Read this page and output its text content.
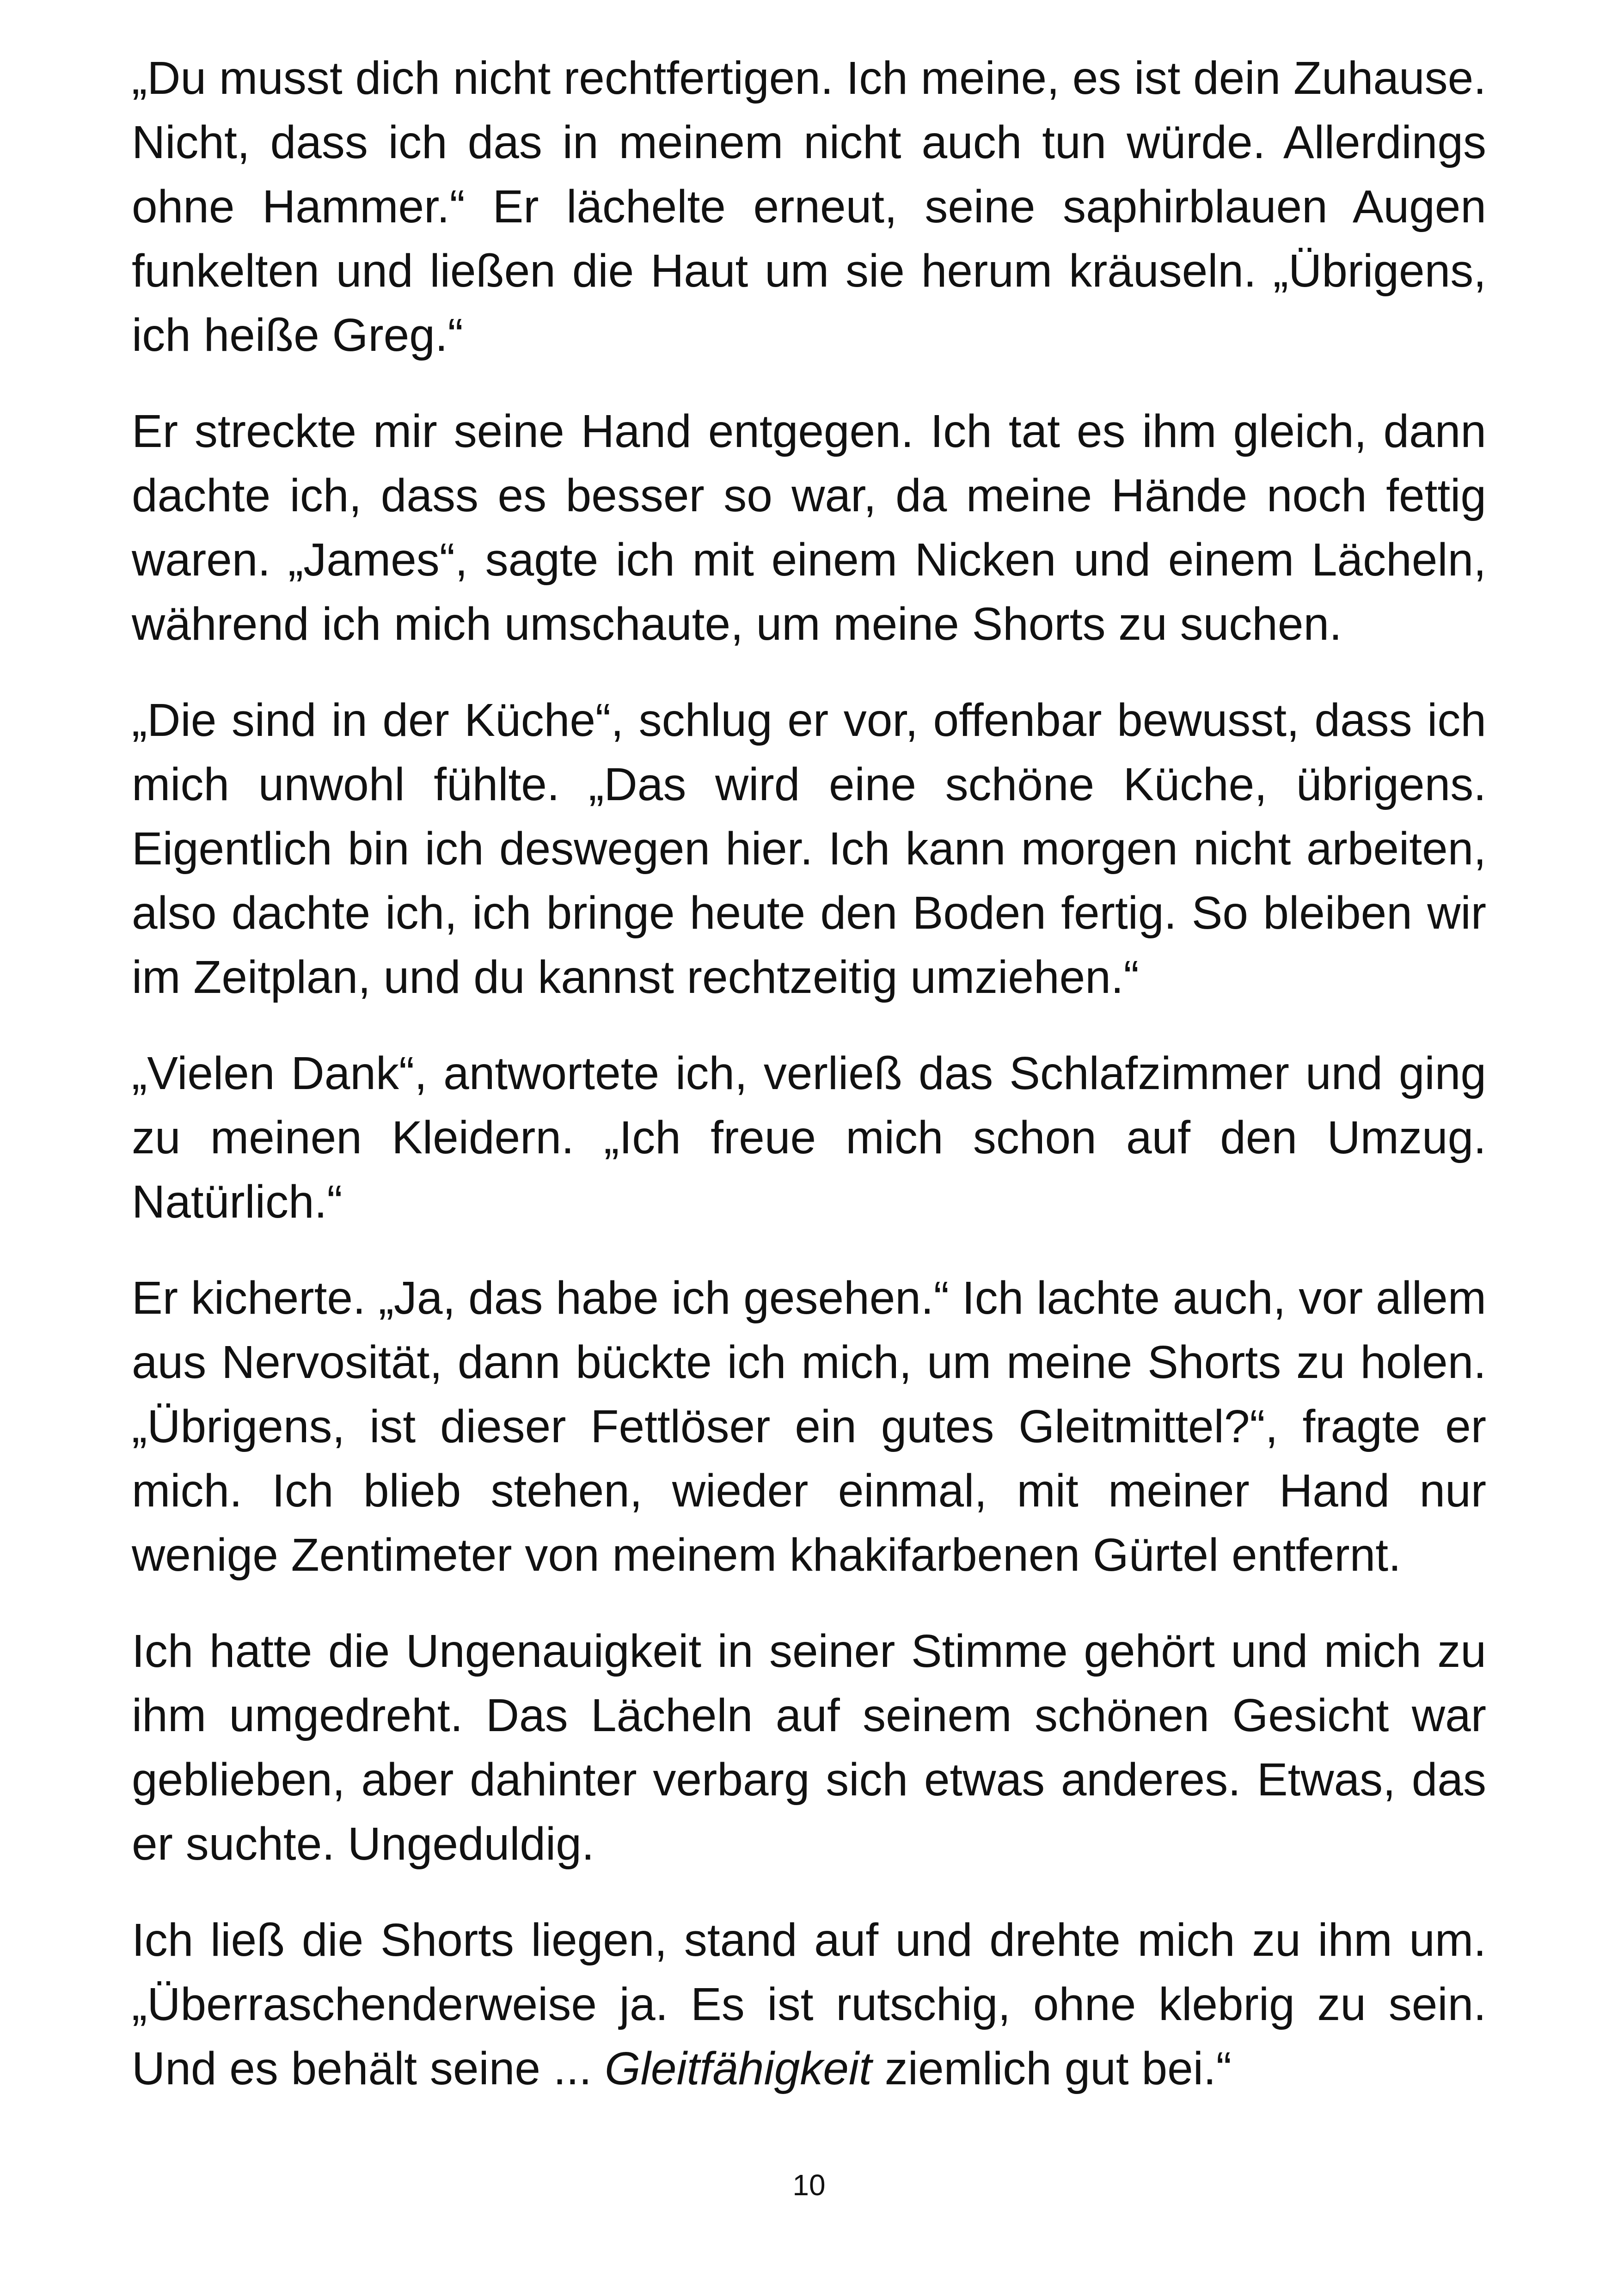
„Du musst dich nicht rechtfertigen. Ich meine, es ist dein Zuhause. Nicht, dass ich das in meinem nicht auch tun würde. Allerdings ohne Hammer.“ Er lächelte erneut, seine saphirblauen Augen funkelten und ließen die Haut um sie herum kräuseln. „Übrigens, ich heiße Greg.“

Er streckte mir seine Hand entgegen. Ich tat es ihm gleich, dann dachte ich, dass es besser so war, da meine Hände noch fettig waren. „James“, sagte ich mit einem Nicken und einem Lächeln, während ich mich umschaute, um meine Shorts zu suchen.

„Die sind in der Küche“, schlug er vor, offenbar bewusst, dass ich mich unwohl fühlte. „Das wird eine schöne Küche, übrigens. Eigentlich bin ich deswegen hier. Ich kann morgen nicht arbeiten, also dachte ich, ich bringe heute den Boden fertig. So bleiben wir im Zeitplan, und du kannst rechtzeitig umziehen.“

„Vielen Dank“, antwortete ich, verließ das Schlafzimmer und ging zu meinen Kleidern. „Ich freue mich schon auf den Umzug. Natürlich.“

Er kicherte. „Ja, das habe ich gesehen.“ Ich lachte auch, vor allem aus Nervosität, dann bückte ich mich, um meine Shorts zu holen. „Übrigens, ist dieser Fettlöser ein gutes Gleitmittel?“, fragte er mich. Ich blieb stehen, wieder einmal, mit meiner Hand nur wenige Zentimeter von meinem khakifarbenen Gürtel entfernt.

Ich hatte die Ungenauigkeit in seiner Stimme gehört und mich zu ihm umgedreht. Das Lächeln auf seinem schönen Gesicht war geblieben, aber dahinter verbarg sich etwas anderes. Etwas, das er suchte. Ungeduldig.

Ich ließ die Shorts liegen, stand auf und drehte mich zu ihm um. „Überraschenderweise ja. Es ist rutschig, ohne klebrig zu sein. Und es behält seine ... Gleitfähigkeit ziemlich gut bei.“

10
